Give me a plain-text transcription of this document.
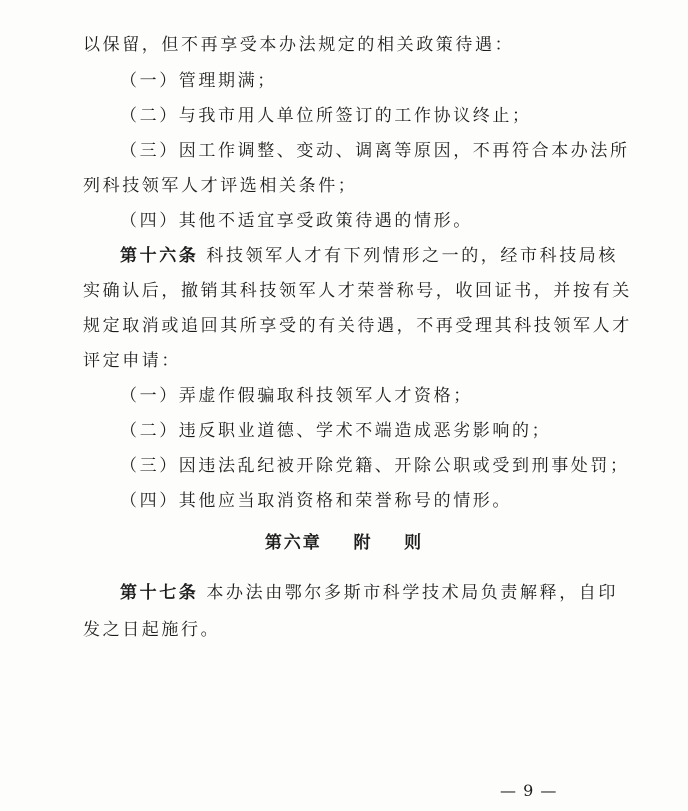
以保留，但不再享受本办法规定的相关政策待遇：
（一）管理期满；
（二）与我市用人单位所签订的工作协议终止；
（三）因工作调整、变动、调离等原因，不再符合本办法所
列科技领军人才评选相关条件；
（四）其他不适宜享受政策待遇的情形。
第十六条 科技领军人才有下列情形之一的，经市科技局核
实确认后，撤销其科技领军人才荣誉称号，收回证书，并按有关
规定取消或追回其所享受的有关待遇，不再受理其科技领军人才
评定申请：
（一）弄虚作假骗取科技领军人才资格；
（二）违反职业道德、学术不端造成恶劣影响的；
（三）因违法乱纪被开除党籍、开除公职或受到刑事处罚；
（四）其他应当取消资格和荣誉称号的情形。
第六章    附    则
第十七条 本办法由鄂尔多斯市科学技术局负责解释，自印
发之日起施行。
— 9 —
